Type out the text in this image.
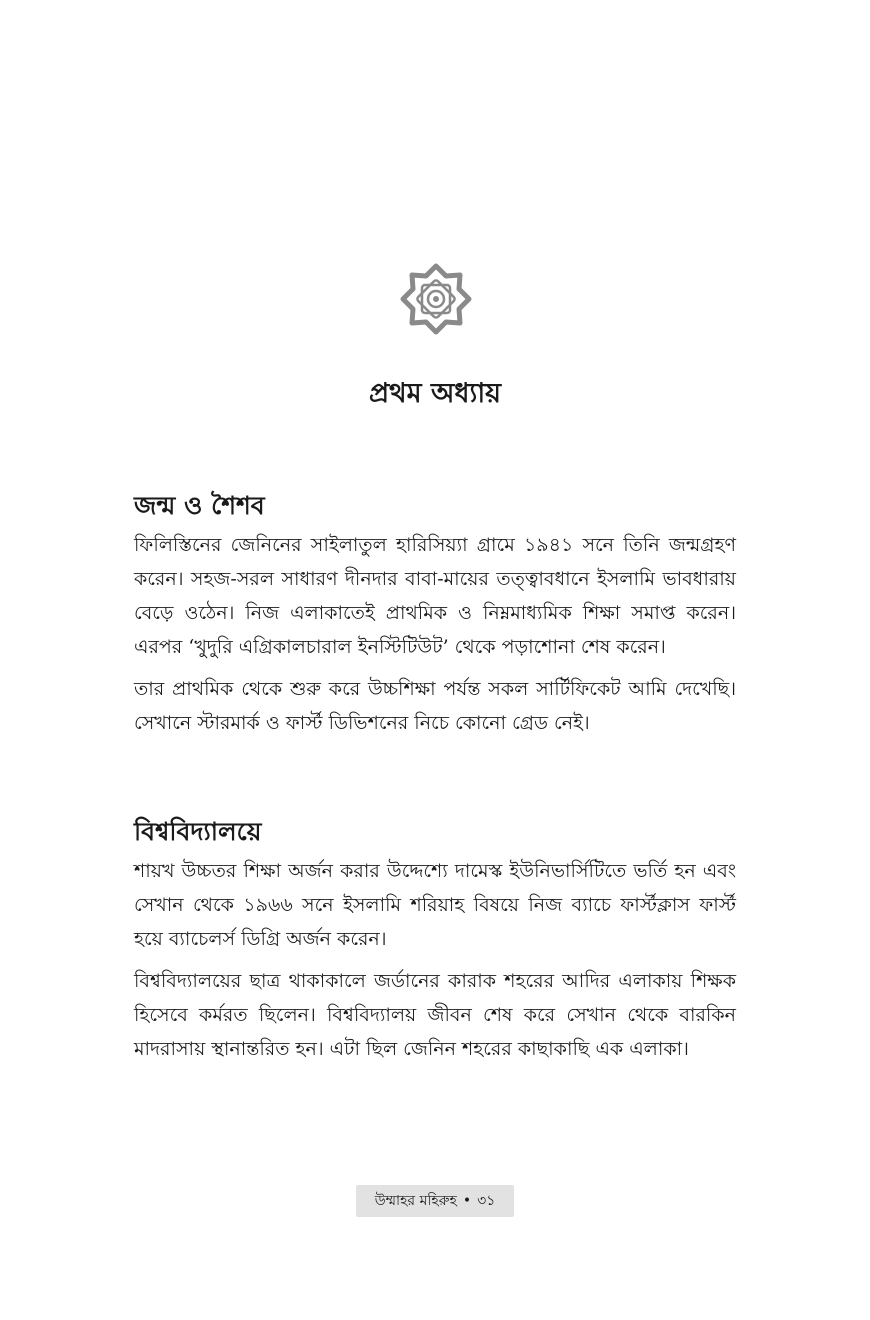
প্রথম অধ্যায়
জন্ম ও শৈশব

ফিলিস্তিনের জেনিনের সাইলাতুল হারিসিয়্যা গ্রামে ১৯৪১ সনে তিনি জন্মগ্রহণ করেন। সহজ-সরল সাধারণ দীনদার বাবা-মায়ের তত্ত্বাবধানে ইসলামি ভাবধারায় বেড়ে ওঠেন। নিজ এলাকাতেই প্রাথমিক ও নিম্নমাধ্যমিক শিক্ষা সমাপ্ত করেন। এরপর ‘খুদুরি এগ্রিকালচারাল ইনস্টিটিউট’ থেকে পড়াশোনা শেষ করেন।

তার প্রাথমিক থেকে শুরু করে উচ্চশিক্ষা পর্যন্ত সকল সার্টিফিকেট আমি দেখেছি। সেখানে স্টারমার্ক ও ফার্স্ট ডিভিশনের নিচে কোনো গ্রেড নেই।

বিশ্ববিদ্যালয়ে

শায়খ উচ্চতর শিক্ষা অর্জন করার উদ্দেশ্যে দামেস্ক ইউনিভার্সিটিতে ভর্তি হন এবং সেখান থেকে ১৯৬৬ সনে ইসলামি শরিয়াহ বিষয়ে নিজ ব্যাচে ফার্স্টক্লাস ফার্স্ট হয়ে ব্যাচেলর্স ডিগ্রি অর্জন করেন।

বিশ্ববিদ্যালয়ের ছাত্র থাকাকালে জর্ডানের কারাক শহরের আদির এলাকায় শিক্ষক হিসেবে কর্মরত ছিলেন। বিশ্ববিদ্যালয় জীবন শেষ করে সেখান থেকে বারকিন মাদরাসায় স্থানান্তরিত হন। এটা ছিল জেনিন শহরের কাছাকাছি এক এলাকা।

উম্মাহর মহিরুহ • ৩১
